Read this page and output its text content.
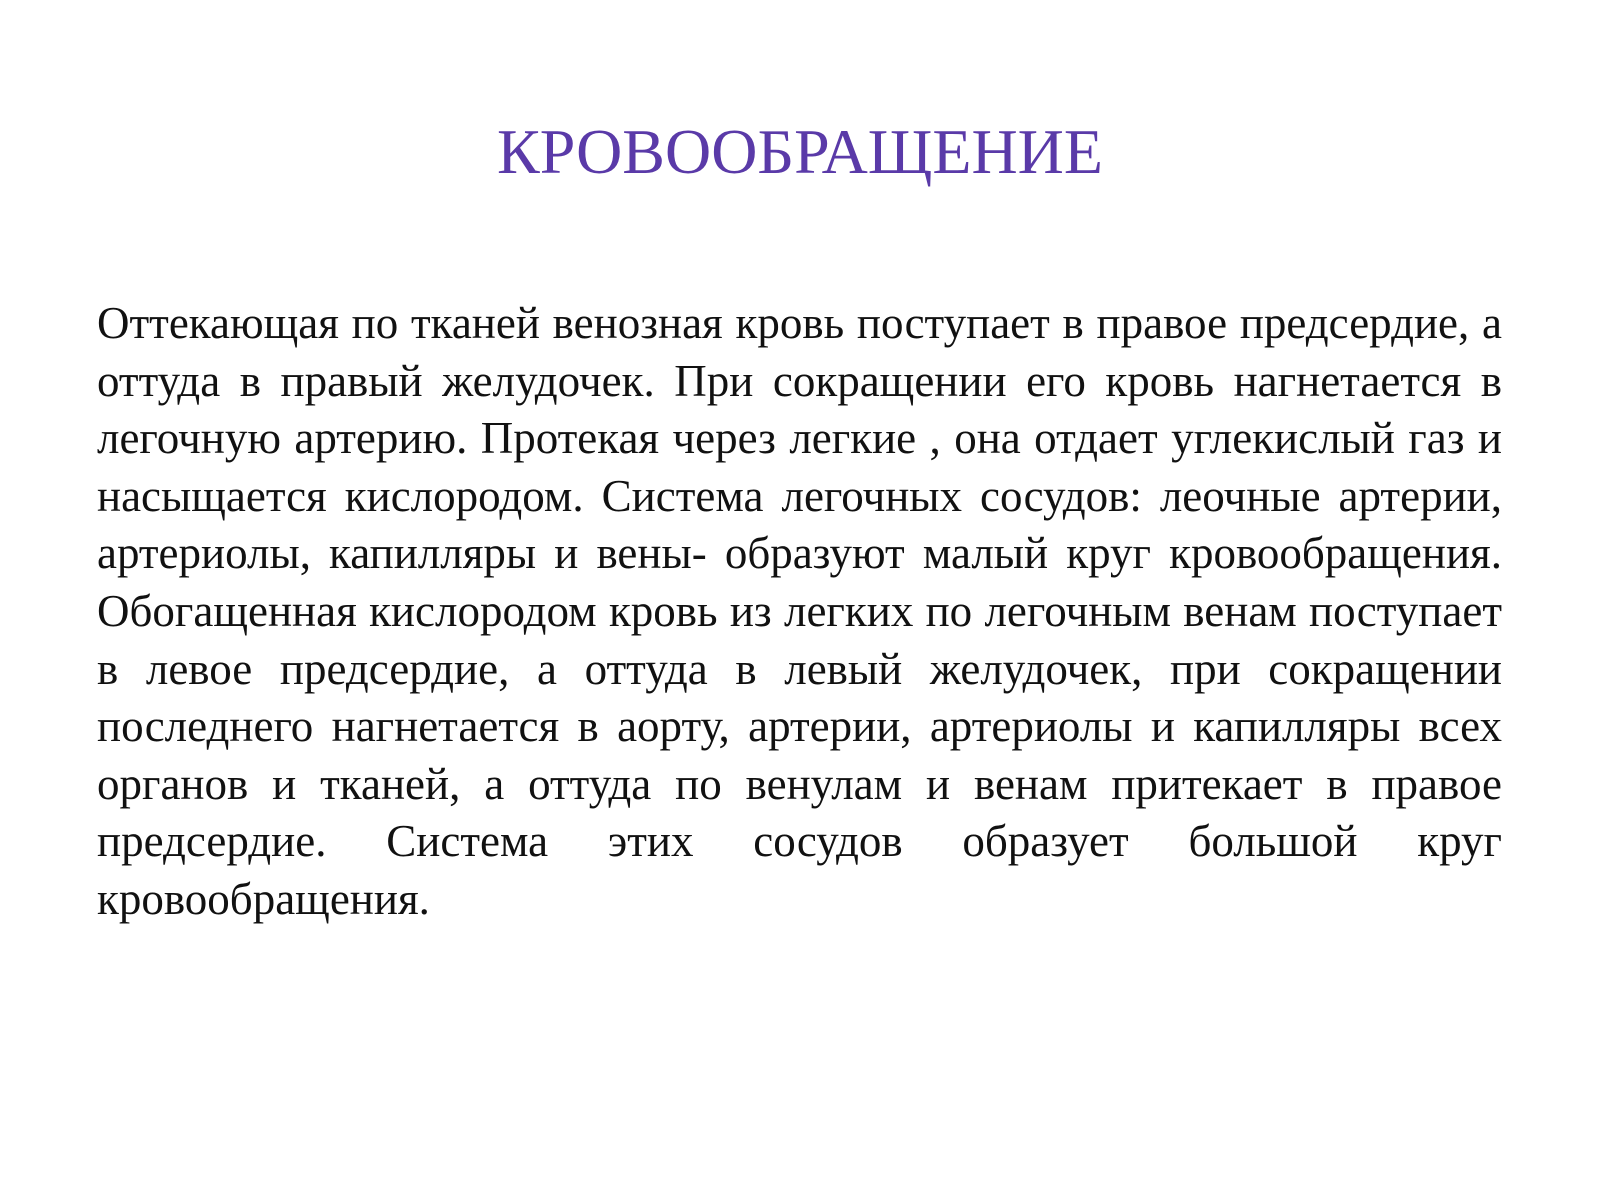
КРОВООБРАЩЕНИЕ

Оттекающая по тканей венозная кровь поступает в правое предсердие, а оттуда в правый желудочек. При сокращении его кровь нагнетается в легочную артерию. Протекая через легкие , она отдает углекислый газ и насыщается кислородом. Система легочных сосудов: леочные артерии, артериолы, капилляры и вены- образуют малый круг кровообращения. Обогащенная кислородом кровь из легких по легочным венам поступает в левое предсердие, а оттуда в левый желудочек, при сокращении последнего нагнетается в аорту, артерии, артериолы и капилляры всех органов и тканей, а оттуда по венулам и венам притекает в правое предсердие. Система этих сосудов образует большой круг кровообращения.
